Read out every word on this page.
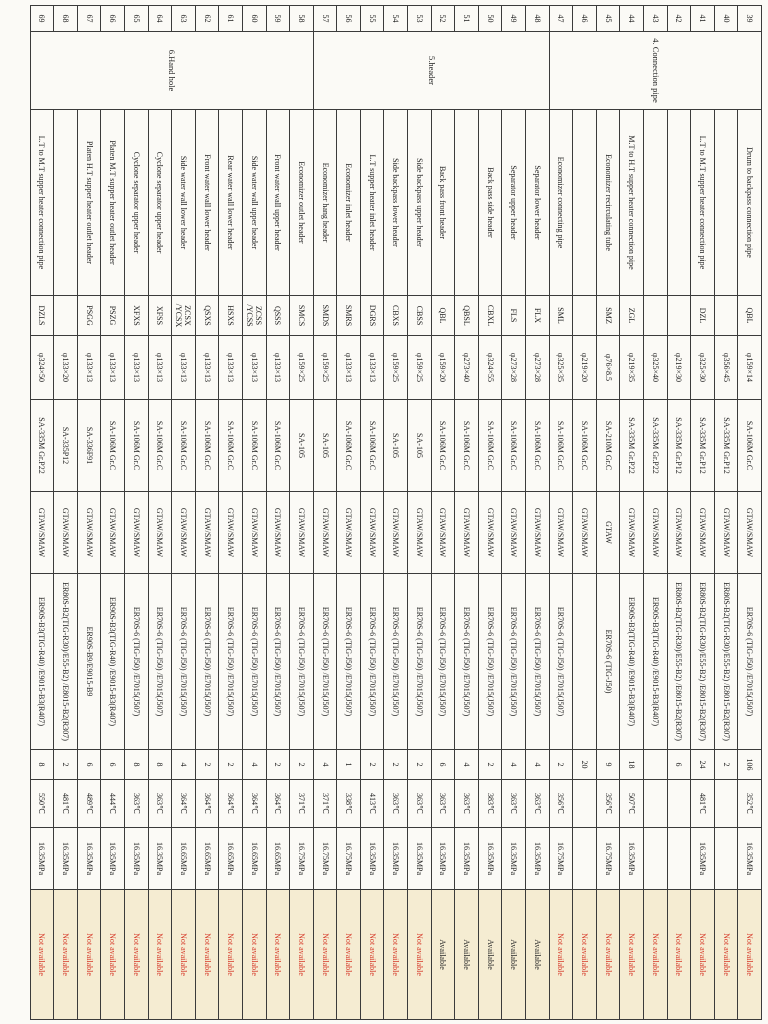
39	4. Connection pipe	Drum to backpass connection pipe	QBL	φ159×14	SA-106M Gr.C	GTAW/SMAW	ER70S-6 (TIG-J50) /E7015(J507)	106	352℃	16.35MPa	Not available
40				φ356×45	SA-335M Gr.P12	GTAW/SMAW	ER80S-B2(TIG-R30)/E55-B2) /E8015-B2(R307)	2			Not available
41		L.T to M.T supper heater connection pipe	DZL	φ325×30	SA-335M Gr.P12	GTAW/SMAW	ER80S-B2(TIG-R30)/E55-B2) /E8015-B2(R307)	24	481℃	16.35MPa	Not available
42				φ219×30	SA-335M Gr.P12	GTAW/SMAW	ER80S-B2(TIG-R30)/E55-B2) /E8015-B2(R307)	6			Not available
43				φ325×40	SA-335M Gr.P22	GTAW/SMAW	ER90S-B3(TIG-R40) /E9015-B3(R407)				Not available
44		M.T to H.T supper heater connection pipe	ZGL	φ219×35	SA-335M Gr.P22	GTAW/SMAW	ER90S-B3(TIG-R40) /E9015-B3(R407)	18	507℃	16.35MPa	Not available
45		Economizer recirculating tube	SMZ	φ76×8.5	SA-210M Gr.C	GTAW	ER70S-6 (TIG-J50)	9	356℃	16.75MPa	Not available
46				φ219×20	SA-106M Gr.C	GTAW/SMAW		20			Not available
47		Economizer connecting pipe	SML	φ325×35	SA-106M Gr.C	GTAW/SMAW	ER70S-6 (TIG-J50) /E7015(J507)	2	356℃	16.75MPa	Not available
48	5.header	Separator lower header	FLX	φ273×28	SA-106M Gr.C	GTAW/SMAW	ER70S-6 (TIG-J50) /E7015(J507)	4	363℃	16.35MPa	Available
49		Separator upper header	FLS	φ273×28	SA-106M Gr.C	GTAW/SMAW	ER70S-6 (TIG-J50) /E7015(J507)	4	363℃	16.35MPa	Available
50		Back pass side header	CBXL	φ324×55	SA-106M Gr.C	GTAW/SMAW	ER70S-6 (TIG-J50) /E7015(J507)	2	383℃	16.35MPa	Available
51			QBSL	φ273×40	SA-106M Gr.C	GTAW/SMAW	ER70S-6 (TIG-J50) /E7015(J507)	4	363℃	16.35MPa	Available
52		Back pass front header	QBL	φ159×20	SA-106M Gr.C	GTAW/SMAW	ER70S-6 (TIG-J50) /E7015(J507)	6	363℃	16.35MPa	Available
53		Side backpass upper header	CBSS	φ159×25	SA-105	GTAW/SMAW	ER70S-6 (TIG-J50) /E7015(J507)	2	363℃	16.35MPa	Not available
54		Side backpass lower header	CBXS	φ159×25	SA-105	GTAW/SMAW	ER70S-6 (TIG-J50) /E7015(J507)	2	363℃	16.35MPa	Not available
55		L.T supper heater inlet header	DGRS	φ133×13	SA-106M Gr.C	GTAW/SMAW	ER70S-6 (TIG-J50) /E7015(J507)	2	413℃	16.35MPa	Not available
56		Economizer inlet header	SMRS	φ133×13	SA-106M Gr.C	GTAW/SMAW	ER70S-6 (TIG-J50) /E7015(J507)	1	338℃	16.75MPa	Not available
57		Economizer hang header	SMDS	φ159×25	SA-105	GTAW/SMAW	ER70S-6 (TIG-J50) /E7015(J507)	4	371℃	16.75MPa	Not available
58	6.Hand hole	Economizer outlet header	SMCS	φ159×25	SA-105	GTAW/SMAW	ER70S-6 (TIG-J50) /E7015(J507)	2	371℃	16.75MPa	Not available
59		Front water wall upper header	QSSS	φ133×13	SA-106M Gr.C	GTAW/SMAW	ER70S-6 (TIG-J50) /E7015(J507)	2	364℃	16.65MPa	Not available
60		Side water wall upper header	ZCSS /YCSS	φ133×13	SA-106M Gr.C	GTAW/SMAW	ER70S-6 (TIG-J50) /E7015(J507)	4	364℃	16.65MPa	Not available
61		Rear water wall lower header	HSXS	φ133×13	SA-106M Gr.C	GTAW/SMAW	ER70S-6 (TIG-J50) /E7015(J507)	2	364℃	16.65MPa	Not available
62		Front water wall lower header	QSXS	φ133×13	SA-106M Gr.C	GTAW/SMAW	ER70S-6 (TIG-J50) /E7015(J507)	2	364℃	16.65MPa	Not available
63		Side water wall lower header	ZCSX /YCSX	φ133×13	SA-106M Gr.C	GTAW/SMAW	ER70S-6 (TIG-J50) /E7015(J507)	4	364℃	16.65MPa	Not available
64		Cyclone separator upper header	XFSS	φ133×13	SA-106M Gr.C	GTAW/SMAW	ER70S-6 (TIG-J50) /E7015(J507)	8	363℃	16.35MPa	Not available
65		Cyclone separator upper header	XFXS	φ133×13	SA-106M Gr.C	GTAW/SMAW	ER70S-6 (TIG-J50) /E7015(J507)	8	363℃	16.35MPa	Not available
66		Platen M.T supper heater outlet header	PSZG	φ133×13	SA-106M Gr.C	GTAW/SMAW	ER90S-B3(TIG-R40) /E9015-B3(R407)	6	444℃	16.35MPa	Not available
67		Platen H.T supper heater outlet header	PSGG	φ133×13	SA-336F91	GTAW/SMAW	ER90S-B9/E9015-B9	6	489℃	16.35MPa	Not available
68				φ133×20	SA-335P12	GTAW/SMAW	ER80S-B2(TIG-R30)/E55-B2) /E8015-B2(R307)	2	481℃	16.35MPa	Not available
69		L.T to M.T supper heater connection pipe	DZLS	φ324×50	SA-335M Gr.P22	GTAW/SMAW	ER90S-B3(TIG-R40) /E9015-B3(R407)	8	550℃	16.35MPa	Not available
